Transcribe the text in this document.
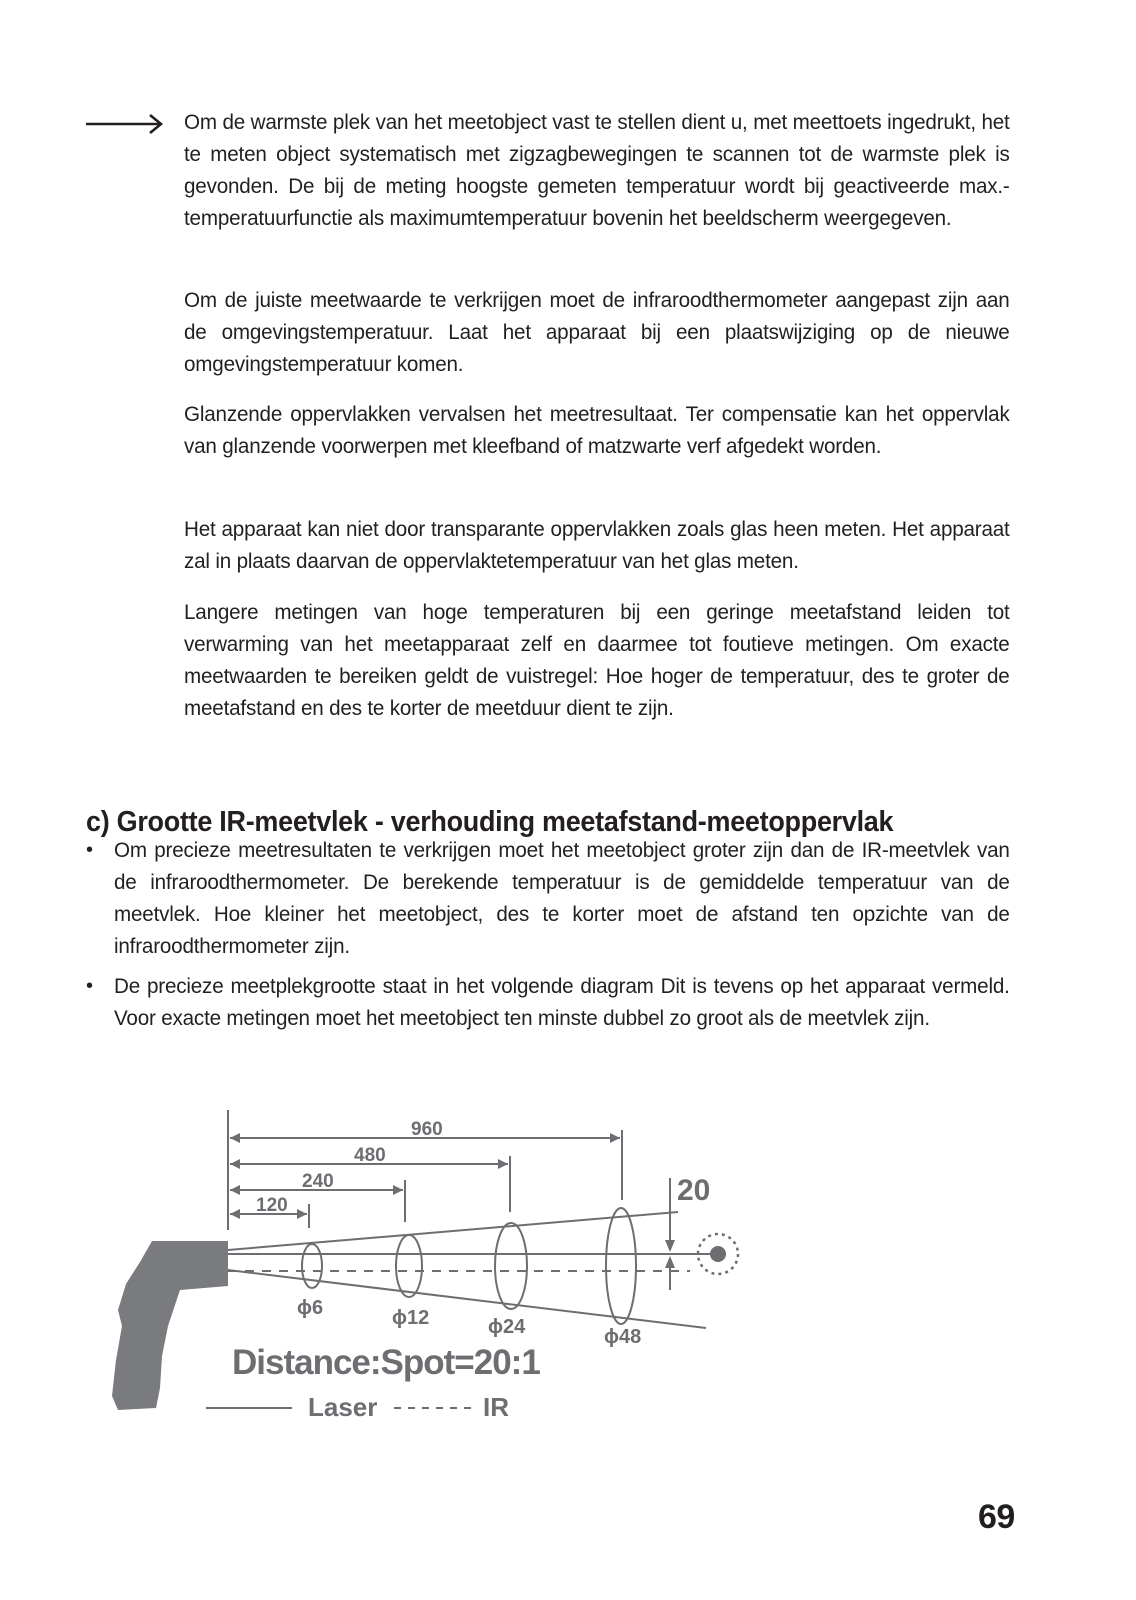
Om de warmste plek van het meetobject vast te stellen dient u, met meettoets ingedrukt, het te meten object systematisch met zigzagbewegingen te scannen tot de warmste plek is gevonden. De bij de meting hoogste gemeten temperatuur wordt bij geactiveerde max.-temperatuurfunctie als maximumtemperatuur bovenin het beeldscherm weergegeven.

Om de juiste meetwaarde te verkrijgen moet de infraroodthermometer aangepast zijn aan de omgevingstemperatuur. Laat het apparaat bij een plaatswijziging op de nieuwe omgevingstemperatuur komen.

Glanzende oppervlakken vervalsen het meetresultaat. Ter compensatie kan het oppervlak van glanzende voorwerpen met kleefband of matzwarte verf afgedekt worden.

Het apparaat kan niet door transparante oppervlakken zoals glas heen meten. Het apparaat zal in plaats daarvan de oppervlaktetemperatuur van het glas meten.

Langere metingen van hoge temperaturen bij een geringe meetafstand leiden tot verwarming van het meetapparaat zelf en daarmee tot foutieve metingen. Om exacte meetwaarden te bereiken geldt de vuistregel: Hoe hoger de temperatuur, des te groter de meetafstand en des te korter de meetduur dient te zijn.

c) Grootte IR-meetvlek - verhouding meetafstand-meetoppervlak
• Om precieze meetresultaten te verkrijgen moet het meetobject groter zijn dan de IR-meetvlek van de infraroodthermometer. De berekende temperatuur is de gemiddelde temperatuur van de meetvlek. Hoe kleiner het meetobject, des te korter moet de afstand ten opzichte van de infraroodthermometer zijn.

• De precieze meetplekgrootte staat in het volgende diagram Dit is tevens op het apparaat vermeld. Voor exacte metingen moet het meetobject ten minste dubbel zo groot als de meetvlek zijn.

120
240
480
960
20
ϕ6	ϕ12	ϕ24	ϕ48
Distance:Spot=20:1
Laser	IR

69
